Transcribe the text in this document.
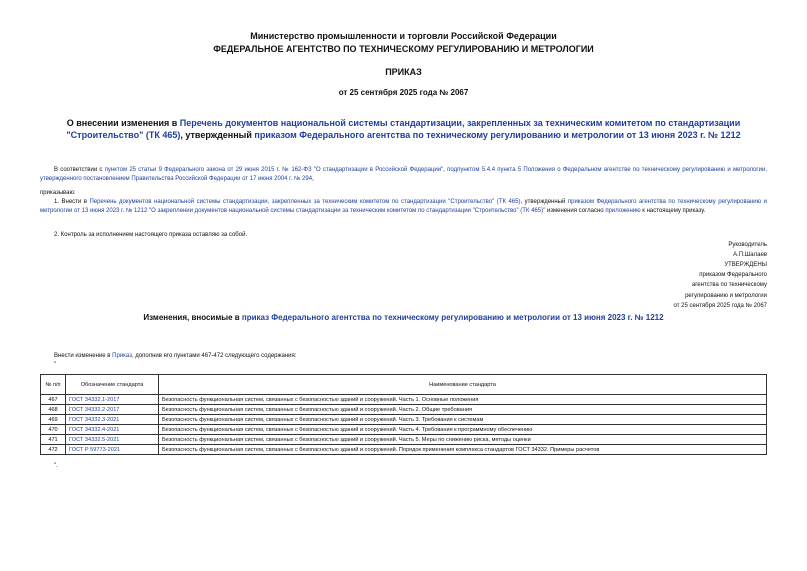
Министерство промышленности и торговли Российской Федерации
ФЕДЕРАЛЬНОЕ АГЕНТСТВО ПО ТЕХНИЧЕСКОМУ РЕГУЛИРОВАНИЮ И МЕТРОЛОГИИ
ПРИКАЗ
от 25 сентября 2025 года № 2067
О внесении изменения в Перечень документов национальной системы стандартизации, закрепленных за техническим комитетом по стандартизации "Строительство" (ТК 465), утвержденный приказом Федерального агентства по техническому регулированию и метрологии от 13 июня 2023 г. № 1212
В соответствии с пунктом 25 статьи 9 Федерального закона от 29 июня 2015 г. № 162-ФЗ "О стандартизации в Российской Федерации", подпунктом 5.4.4 пункта 5 Положения о Федеральном агентстве по техническому регулированию и метрологии, утвержденного постановлением Правительства Российской Федерации от 17 июня 2004 г. № 294,
приказываю:
1. Внести в Перечень документов национальной системы стандартизации, закрепленных за техническим комитетом по стандартизации "Строительство" (ТК 465), утвержденный приказом Федерального агентства по техническому регулированию и метрологии от 13 июня 2023 г. № 1212 "О закреплении документов национальной системы стандартизации за техническим комитетом по стандартизации "Строительство" (ТК 465)" изменения согласно приложению к настоящему приказу.
2. Контроль за исполнением настоящего приказа оставляю за собой.
Руководитель
А.П.Шалаев
УТВЕРЖДЕНЫ
приказом Федерального
агентства по техническому
регулированию и метрологии
от 25 сентября 2025 года № 2067
Изменения, вносимые в приказ Федерального агентства по техническому регулированию и метрологии от 13 июня 2023 г. № 1212
Внести изменение в Приказ, дополнив его пунктами 467-472 следующего содержания:
"
№ п/п	Обозначение стандарта	Наименование стандарта
467	ГОСТ 34332.1-2017	Безопасность функциональная систем, связанных с безопасностью зданий и сооружений. Часть 1. Основные положения
468	ГОСТ 34332.2-2017	Безопасность функциональная систем, связанных с безопасностью зданий и сооружений. Часть 2. Общие требования
469	ГОСТ 34332.3-2021	Безопасность функциональная систем, связанных с безопасностью зданий и сооружений. Часть 3. Требования к системам
470	ГОСТ 34332.4-2021	Безопасность функциональная систем, связанных с безопасностью зданий и сооружений. Часть 4. Требования к программному обеспечению
471	ГОСТ 34332.5-2021	Безопасность функциональная систем, связанных с безопасностью зданий и сооружений. Часть 5. Меры по снижению риска, методы оценки
472	ГОСТ Р 59773-2021	Безопасность функциональная систем, связанных с безопасностью зданий и сооружений. Порядок применения комплекса стандартов ГОСТ 34332. Примеры расчетов
".
